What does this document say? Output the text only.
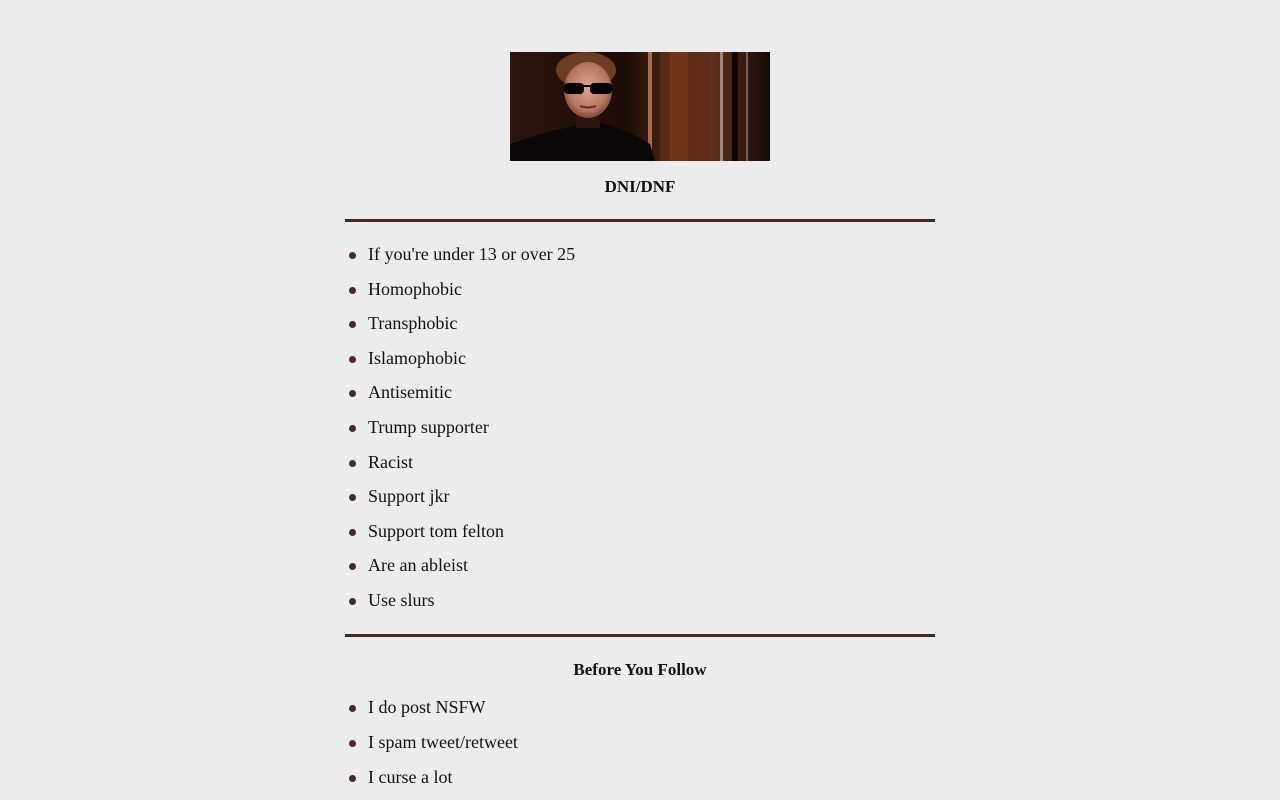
DNI/DNF
If you're under 13 or over 25
Homophobic
Transphobic
Islamophobic
Antisemitic
Trump supporter
Racist
Support jkr
Support tom felton
Are an ableist
Use slurs
Before You Follow
I do post NSFW
I spam tweet/retweet
I curse a lot
